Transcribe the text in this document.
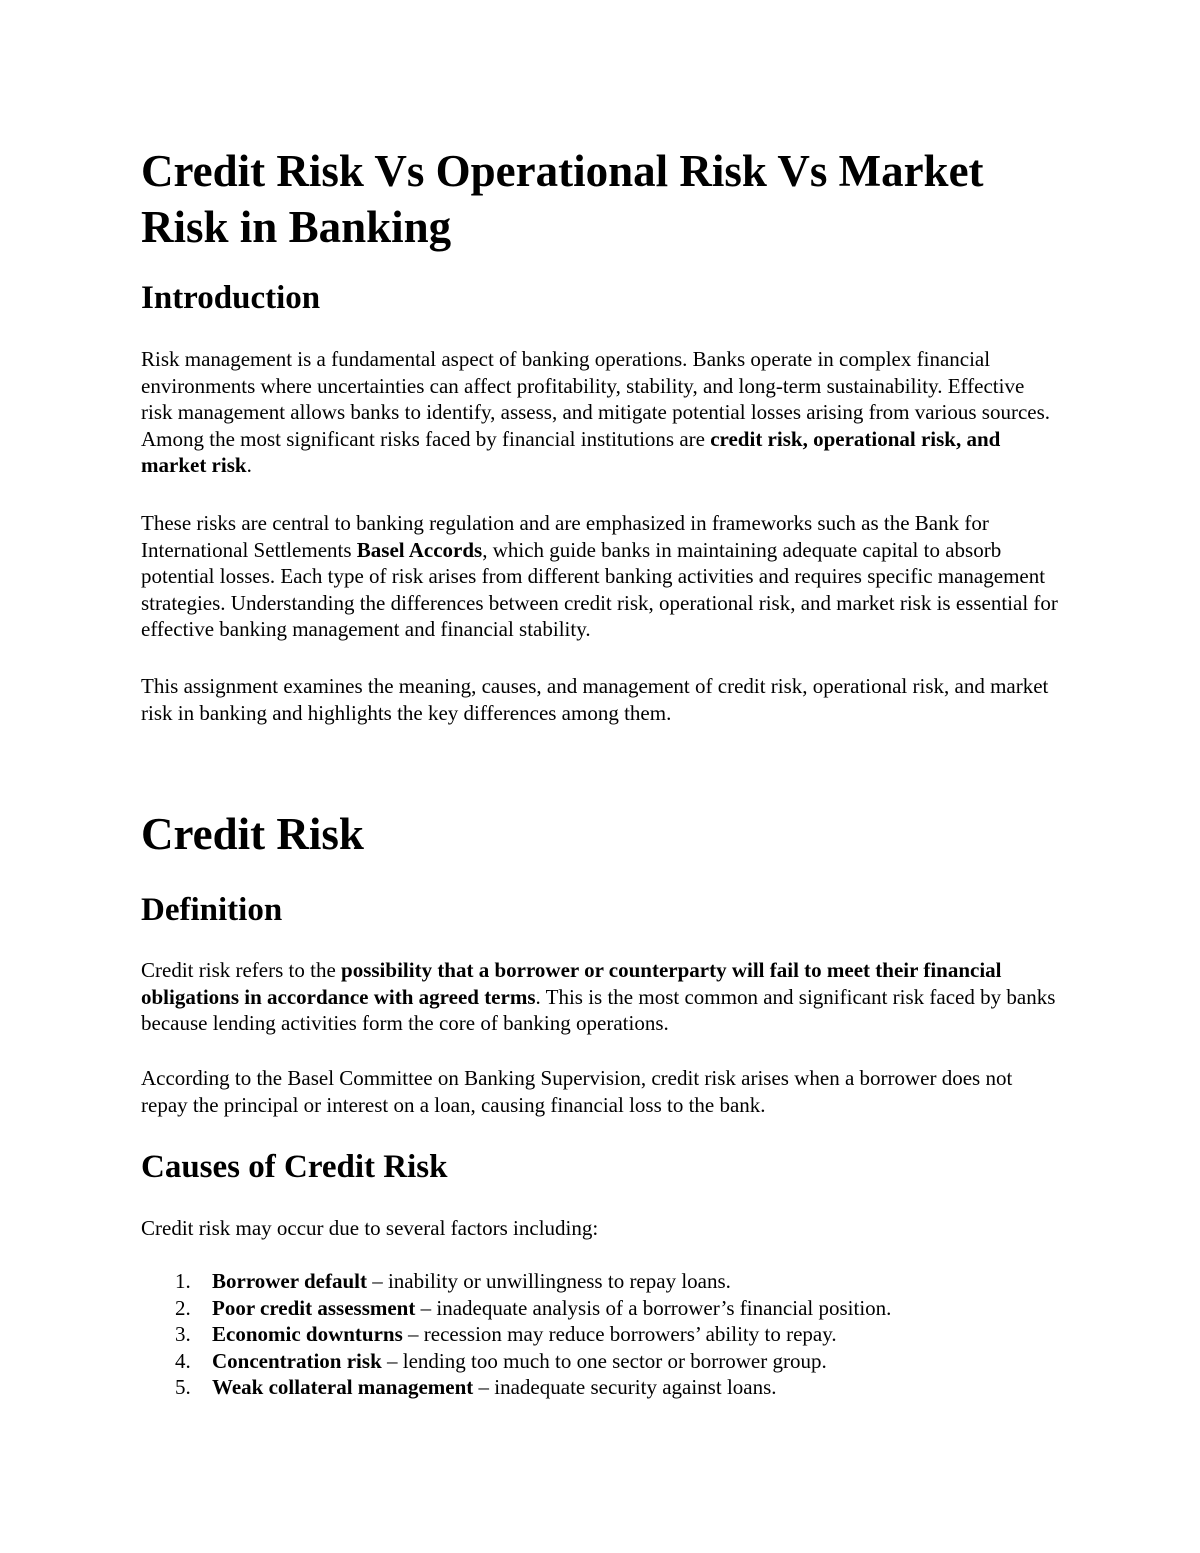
Credit Risk Vs Operational Risk Vs Market Risk in Banking
Introduction

Risk management is a fundamental aspect of banking operations. Banks operate in complex financial environments where uncertainties can affect profitability, stability, and long-term sustainability. Effective risk management allows banks to identify, assess, and mitigate potential losses arising from various sources. Among the most significant risks faced by financial institutions are credit risk, operational risk, and market risk.

These risks are central to banking regulation and are emphasized in frameworks such as the Bank for International Settlements Basel Accords, which guide banks in maintaining adequate capital to absorb potential losses. Each type of risk arises from different banking activities and requires specific management strategies. Understanding the differences between credit risk, operational risk, and market risk is essential for effective banking management and financial stability.

This assignment examines the meaning, causes, and management of credit risk, operational risk, and market risk in banking and highlights the key differences among them.

Credit Risk
Definition

Credit risk refers to the possibility that a borrower or counterparty will fail to meet their financial obligations in accordance with agreed terms. This is the most common and significant risk faced by banks because lending activities form the core of banking operations.

According to the Basel Committee on Banking Supervision, credit risk arises when a borrower does not repay the principal or interest on a loan, causing financial loss to the bank.

Causes of Credit Risk

Credit risk may occur due to several factors including:

1. Borrower default – inability or unwillingness to repay loans.
2. Poor credit assessment – inadequate analysis of a borrower’s financial position.
3. Economic downturns – recession may reduce borrowers’ ability to repay.
4. Concentration risk – lending too much to one sector or borrower group.
5. Weak collateral management – inadequate security against loans.
